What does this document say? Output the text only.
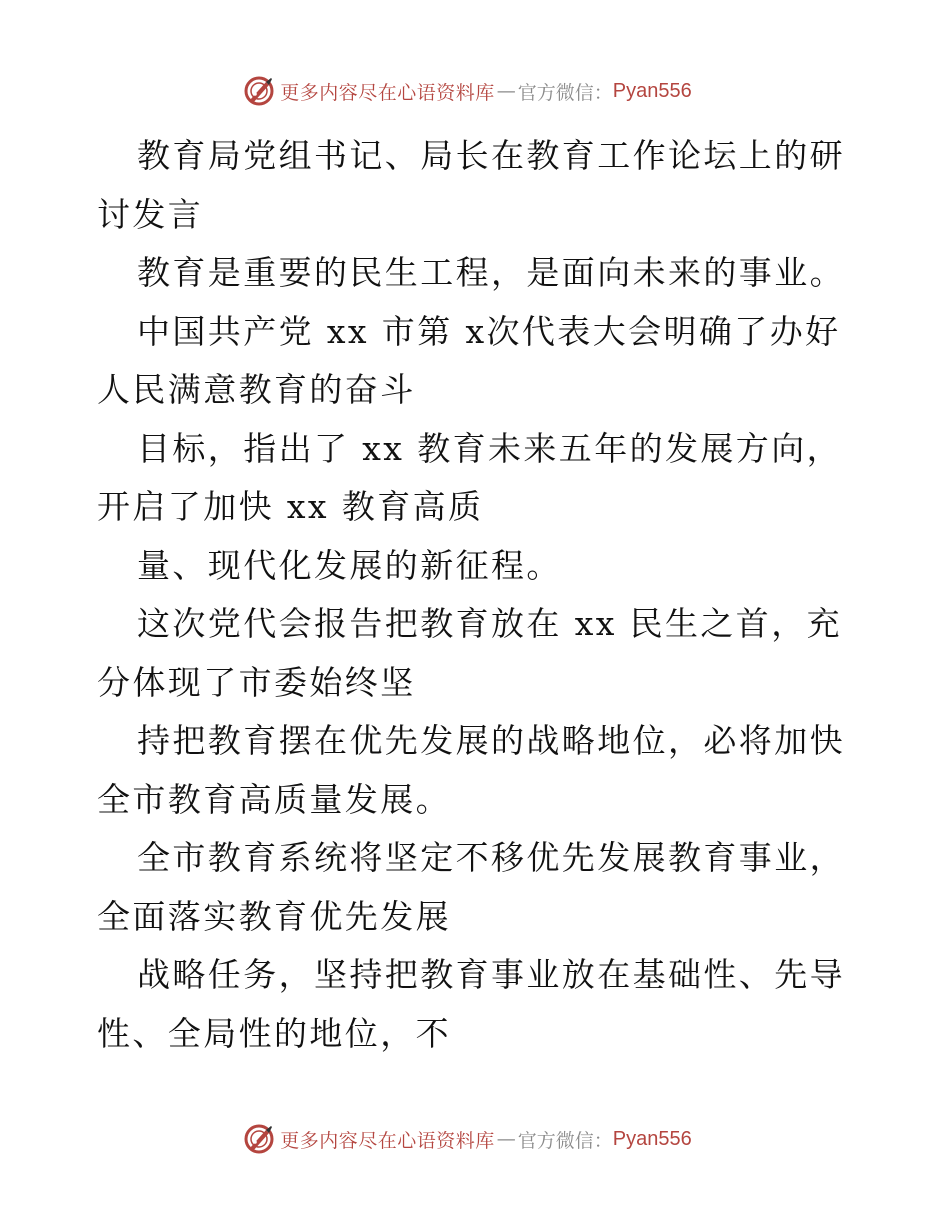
更多内容尽在心语资料库 — 官方微信： Pyan556

教育局党组书记、局长在教育工作论坛上的研讨发言

教育是重要的民生工程，是面向未来的事业。

中国共产党 xx 市第 x次代表大会明确了办好人民满意教育的奋斗

目标，指出了 xx 教育未来五年的发展方向，开启了加快 xx 教育高质

量、现代化发展的新征程。

这次党代会报告把教育放在 xx 民生之首，充分体现了市委始终坚

持把教育摆在优先发展的战略地位，必将加快全市教育高质量发展。

全市教育系统将坚定不移优先发展教育事业，全面落实教育优先发展

战略任务，坚持把教育事业放在基础性、先导性、全局性的地位，不

更多内容尽在心语资料库 — 官方微信： Pyan556
